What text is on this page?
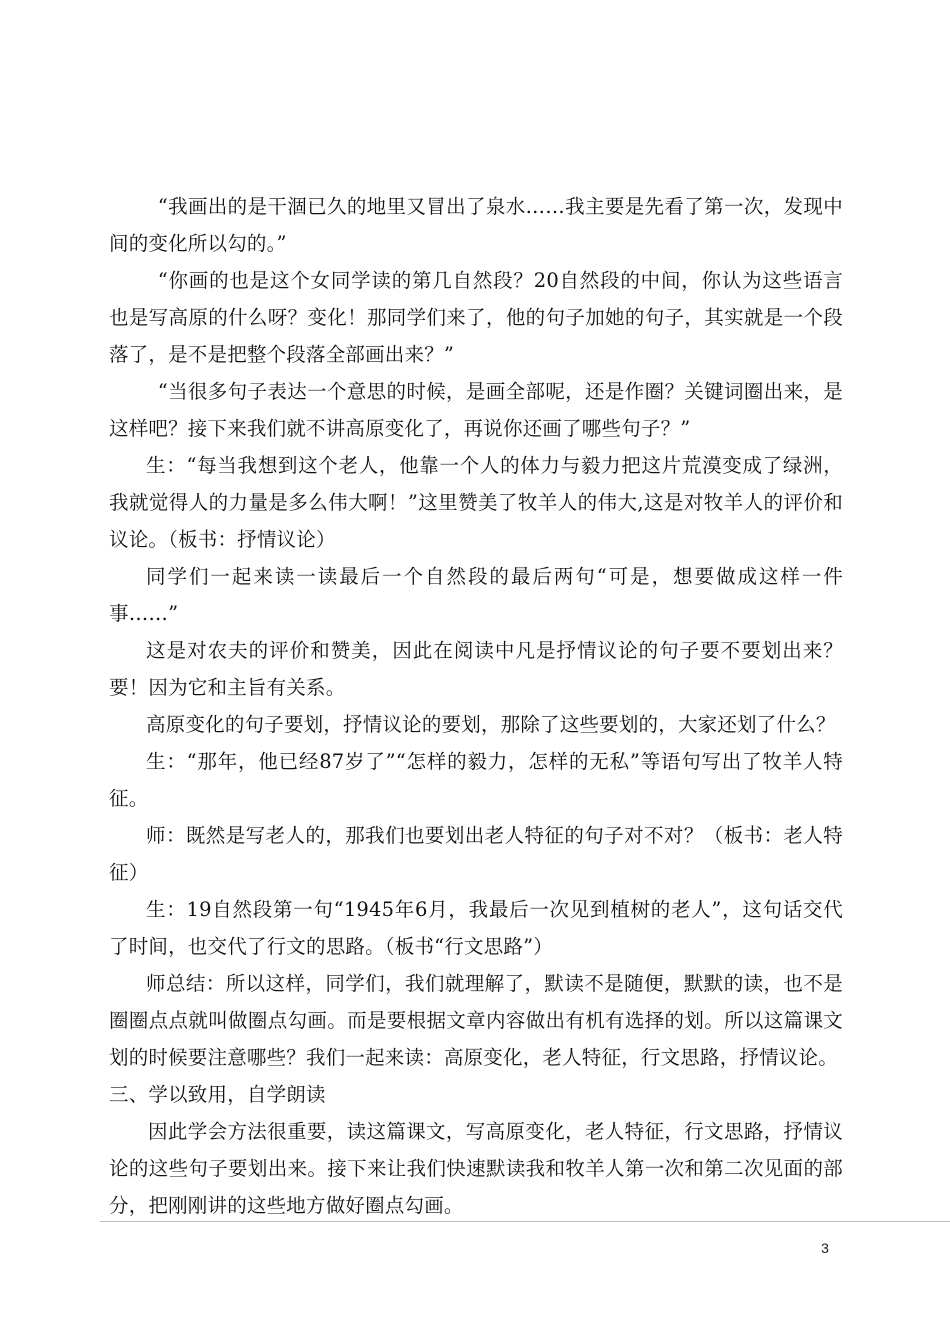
“我画出的是干涸已久的地里又冒出了泉水……我主要是先看了第一次，发现中间的变化所以勾的。”

“你画的也是这个女同学读的第几自然段？20自然段的中间，你认为这些语言也是写高原的什么呀？变化！那同学们来了，他的句子加她的句子，其实就是一个段落了，是不是把整个段落全部画出来？”

“当很多句子表达一个意思的时候，是画全部呢，还是作圈？关键词圈出来，是这样吧？接下来我们就不讲高原变化了，再说你还画了哪些句子？”

生：“每当我想到这个老人，他靠一个人的体力与毅力把这片荒漠变成了绿洲，我就觉得人的力量是多么伟大啊！”这里赞美了牧羊人的伟大,这是对牧羊人的评价和议论。（板书：抒情议论）

同学们一起来读一读最后一个自然段的最后两句“可是，想要做成这样一件事……”

这是对农夫的评价和赞美，因此在阅读中凡是抒情议论的句子要不要划出来？要！因为它和主旨有关系。

高原变化的句子要划，抒情议论的要划，那除了这些要划的，大家还划了什么？

生：“那年，他已经87岁了”“怎样的毅力，怎样的无私”等语句写出了牧羊人特征。

师：既然是写老人的，那我们也要划出老人特征的句子对不对？（板书：老人特征）

生：19自然段第一句“1945年6月，我最后一次见到植树的老人”，这句话交代了时间，也交代了行文的思路。（板书“行文思路”）

师总结：所以这样，同学们，我们就理解了，默读不是随便，默默的读，也不是圈圈点点就叫做圈点勾画。而是要根据文章内容做出有机有选择的划。所以这篇课文划的时候要注意哪些？我们一起来读：高原变化，老人特征，行文思路，抒情议论。

三、学以致用，自学朗读

因此学会方法很重要，读这篇课文，写高原变化，老人特征，行文思路，抒情议论的这些句子要划出来。接下来让我们快速默读我和牧羊人第一次和第二次见面的部分，把刚刚讲的这些地方做好圈点勾画。

3
